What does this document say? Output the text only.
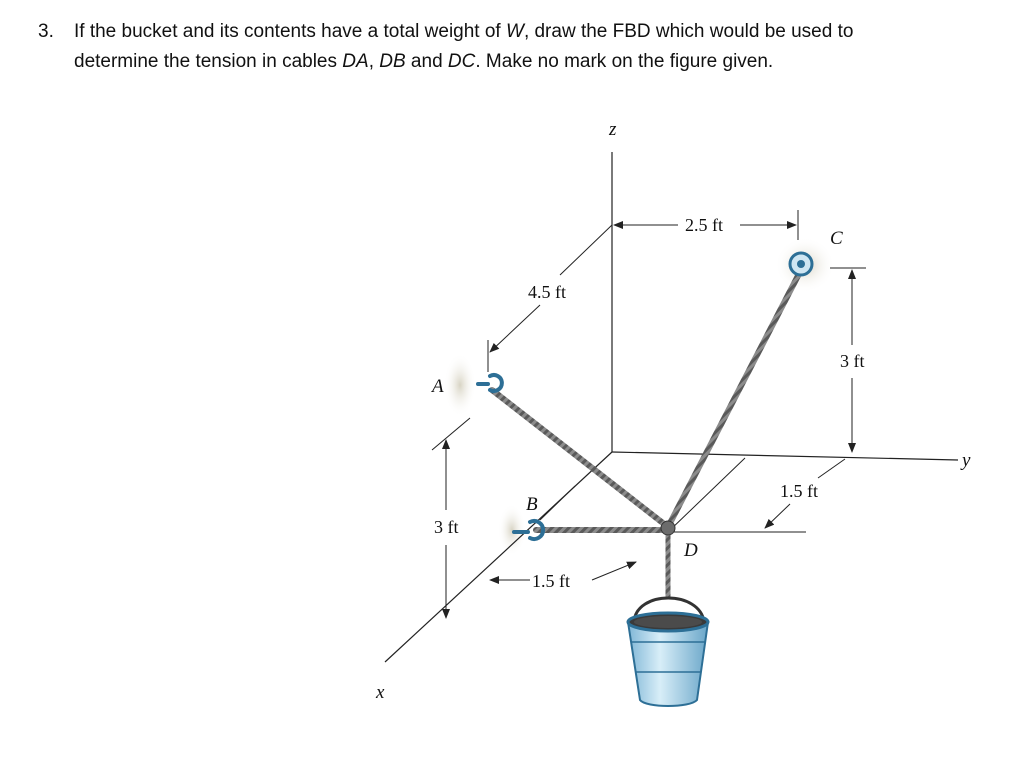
3. If the bucket and its contents have a total weight of W, draw the FBD which would be used to
determine the tension in cables DA, DB and DC. Make no mark on the figure given.
z
y
x
2.5 ft
4.5 ft
3 ft
1.5 ft
3 ft
1.5 ft
A
B
C
D
